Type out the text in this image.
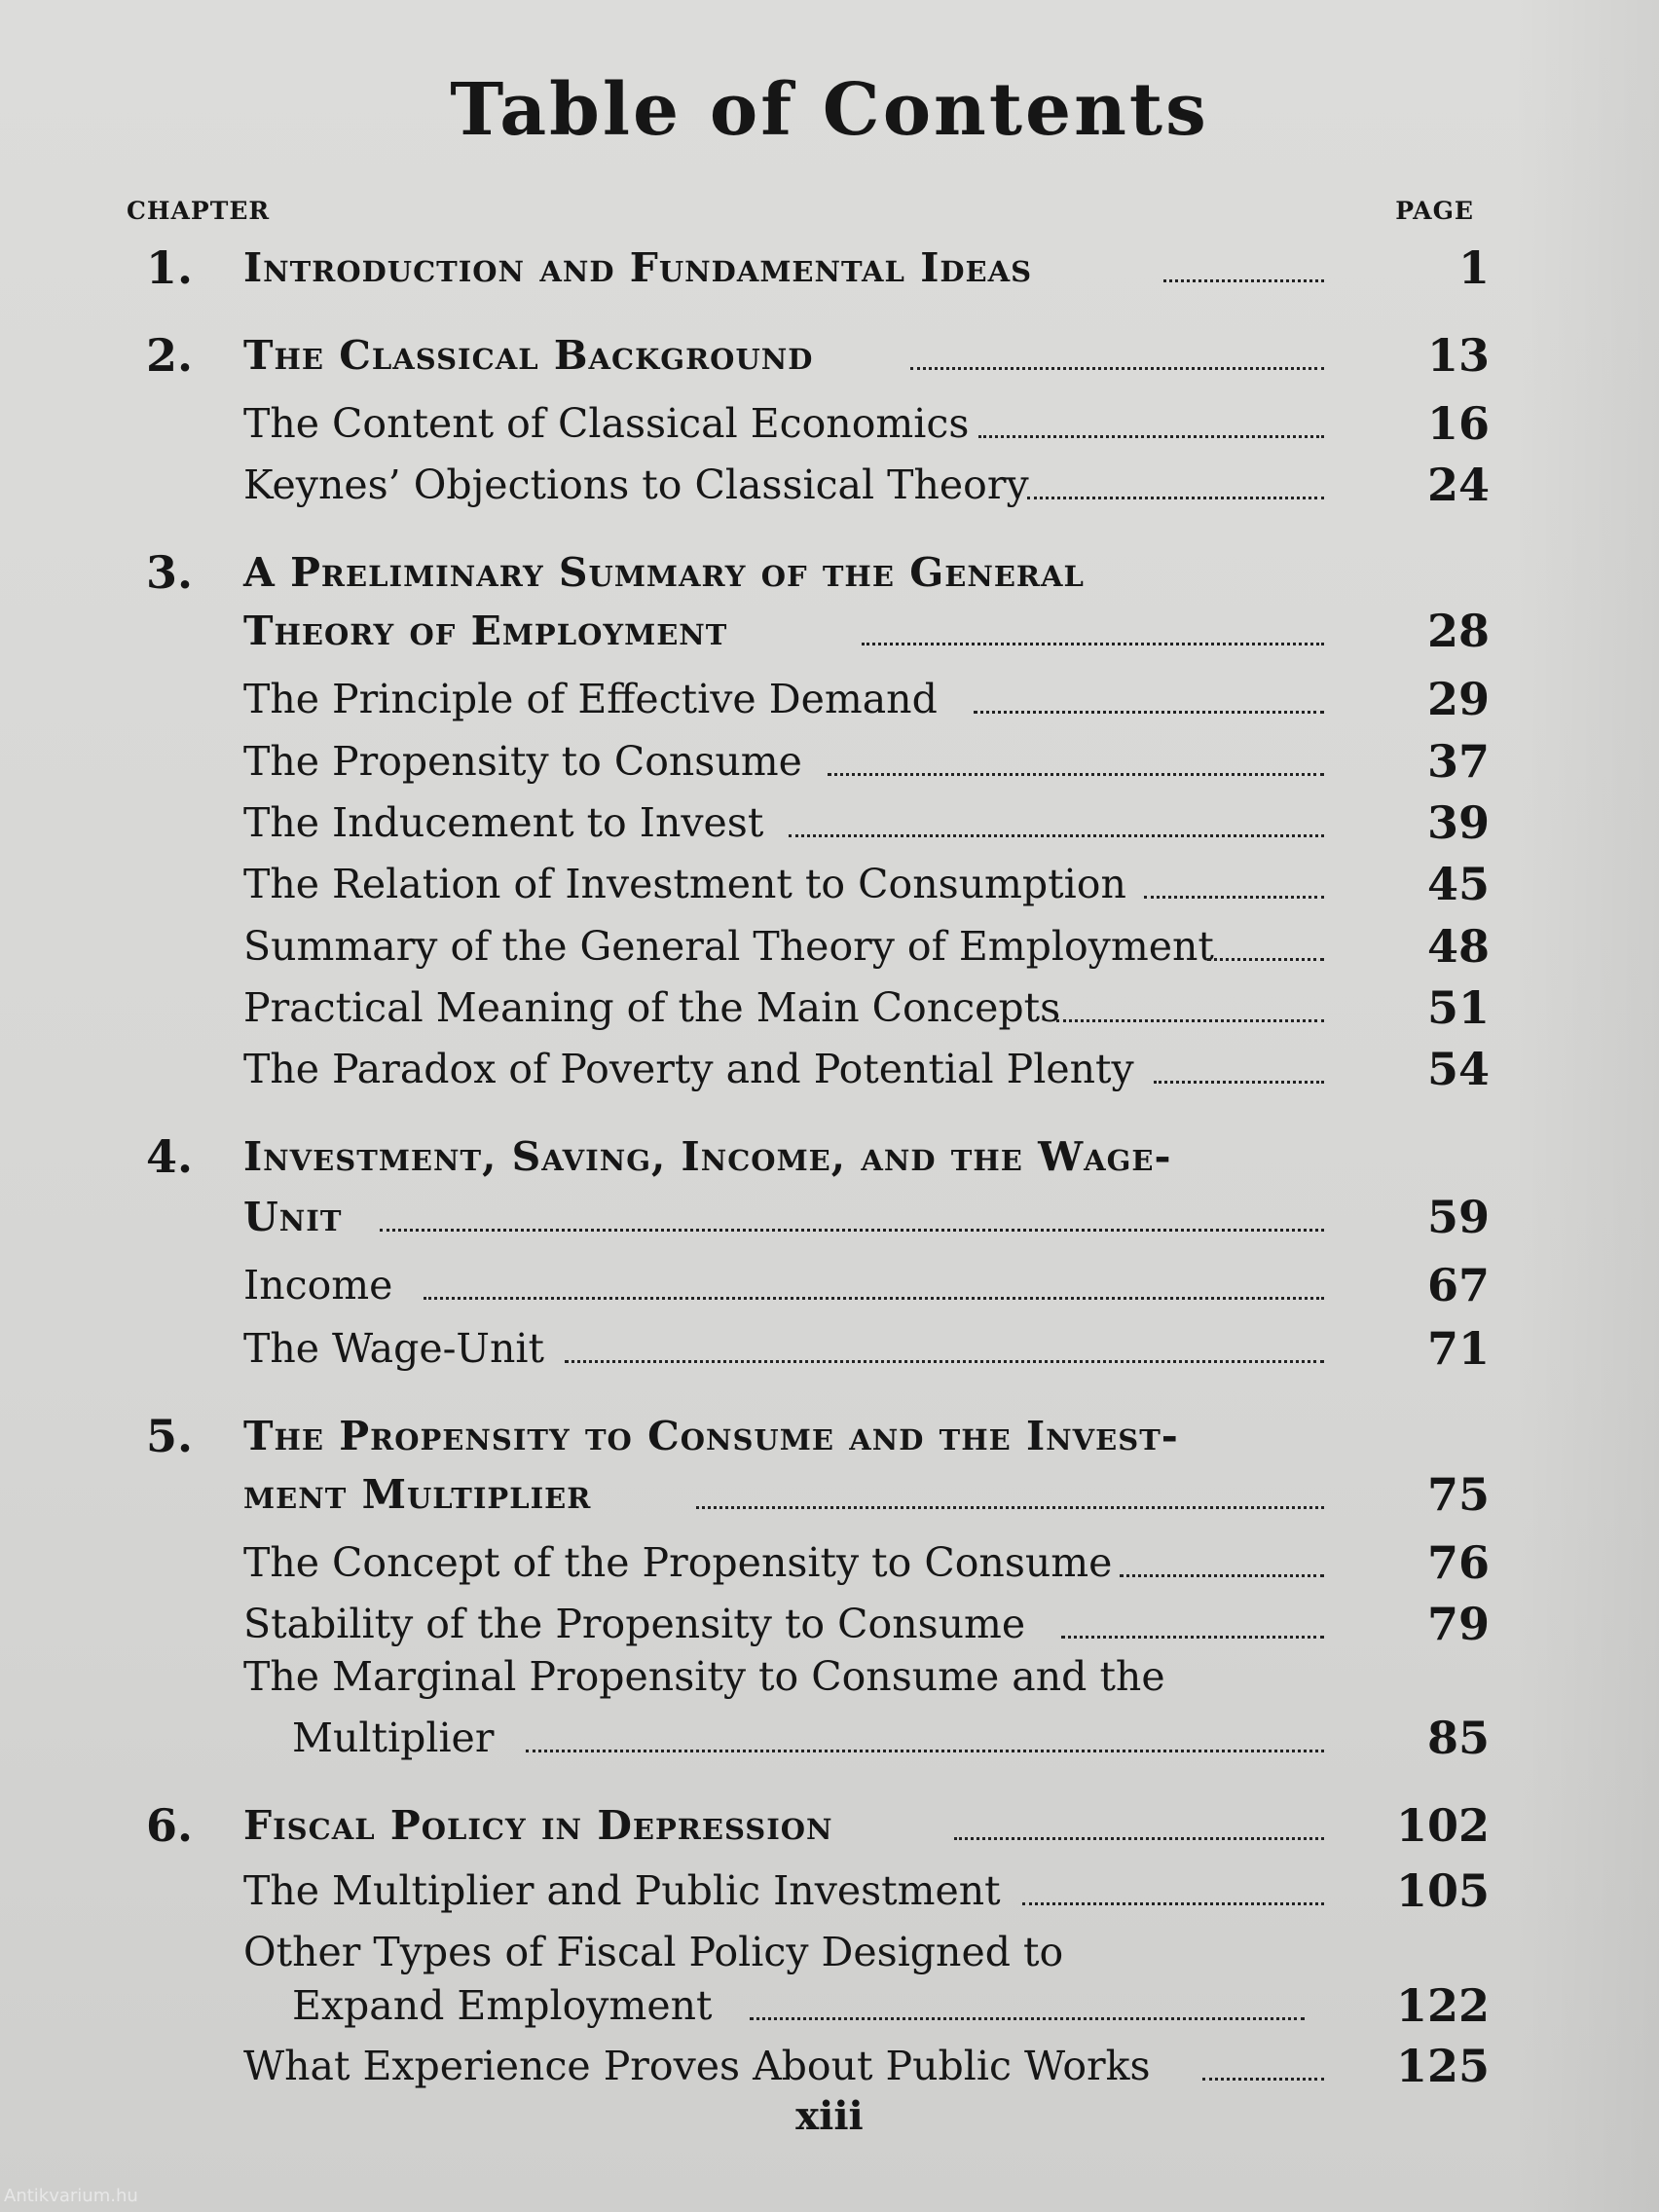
Table of Contents
CHAPTER	PAGE
1.	Introduction and Fundamental Ideas	1
2.	The Classical Background	13
The Content of Classical Economics	16
Keynes’ Objections to Classical Theory	24
3.	A Preliminary Summary of the General
Theory of Employment	28
The Principle of Effective Demand	29
The Propensity to Consume	37
The Inducement to Invest	39
The Relation of Investment to Consumption	45
Summary of the General Theory of Employment	48
Practical Meaning of the Main Concepts	51
The Paradox of Poverty and Potential Plenty	54
4.	Investment, Saving, Income, and the Wage-
Unit	59
Income	67
The Wage-Unit	71
5.	The Propensity to Consume and the Invest-
ment Multiplier	75
The Concept of the Propensity to Consume	76
Stability of the Propensity to Consume	79
The Marginal Propensity to Consume and the
Multiplier	85
6.	Fiscal Policy in Depression	102
The Multiplier and Public Investment	105
Other Types of Fiscal Policy Designed to
Expand Employment	122
What Experience Proves About Public Works	125
xiii
Antikvarium.hu
